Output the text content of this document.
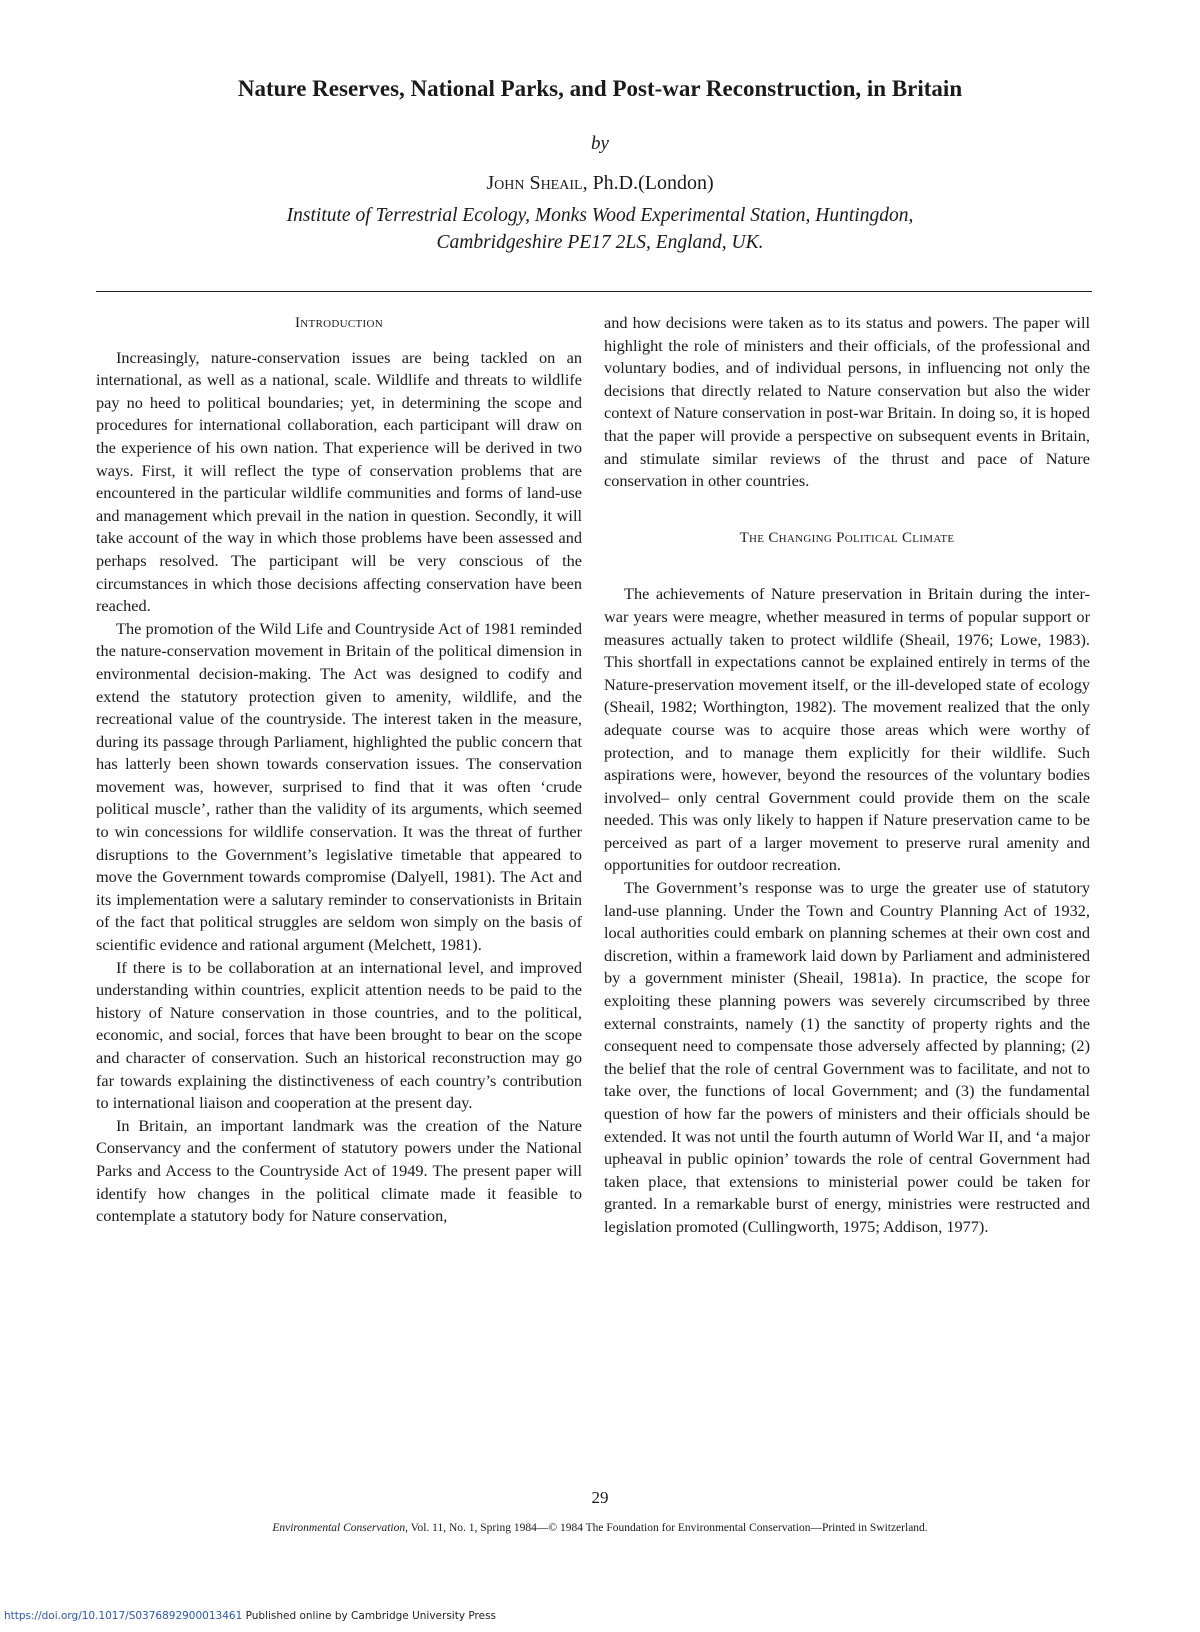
Nature Reserves, National Parks, and Post-war Reconstruction, in Britain
by
John Sheail, Ph.D.(London)
Institute of Terrestrial Ecology, Monks Wood Experimental Station, Huntingdon,
Cambridgeshire PE17 2LS, England, UK.
Introduction

Increasingly, nature-conservation issues are being tackled on an international, as well as a national, scale. Wildlife and threats to wildlife pay no heed to political boundaries; yet, in determining the scope and procedures for international collaboration, each participant will draw on the experience of his own nation. That experience will be derived in two ways. First, it will reflect the type of conservation problems that are encountered in the particular wildlife communities and forms of land-use and management which prevail in the nation in question. Secondly, it will take account of the way in which those problems have been assessed and perhaps resolved. The participant will be very conscious of the circumstances in which those decisions affecting conservation have been reached.

The promotion of the Wild Life and Countryside Act of 1981 reminded the nature-conservation movement in Britain of the political dimension in environmental decision-making. The Act was designed to codify and extend the statutory protection given to amenity, wildlife, and the recreational value of the countryside. The interest taken in the measure, during its passage through Parliament, highlighted the public concern that has latterly been shown towards conservation issues. The conservation movement was, however, surprised to find that it was often ‘crude political muscle’, rather than the validity of its arguments, which seemed to win concessions for wildlife conservation. It was the threat of further disruptions to the Government’s legislative timetable that appeared to move the Government towards compromise (Dalyell, 1981). The Act and its implementation were a salutary reminder to conservationists in Britain of the fact that political struggles are seldom won simply on the basis of scientific evidence and rational argument (Melchett, 1981).

If there is to be collaboration at an international level, and improved understanding within countries, explicit attention needs to be paid to the history of Nature conservation in those countries, and to the political, economic, and social, forces that have been brought to bear on the scope and character of conservation. Such an historical reconstruction may go far towards explaining the distinctiveness of each country’s contribution to international liaison and cooperation at the present day.

In Britain, an important landmark was the creation of the Nature Conservancy and the conferment of statutory powers under the National Parks and Access to the Countryside Act of 1949. The present paper will identify how changes in the political climate made it feasible to contemplate a statutory body for Nature conservation,

and how decisions were taken as to its status and powers. The paper will highlight the role of ministers and their officials, of the professional and voluntary bodies, and of individual persons, in influencing not only the decisions that directly related to Nature conservation but also the wider context of Nature conservation in post-war Britain. In doing so, it is hoped that the paper will provide a perspective on subsequent events in Britain, and stimulate similar reviews of the thrust and pace of Nature conservation in other countries.

The Changing Political Climate

The achievements of Nature preservation in Britain during the inter-war years were meagre, whether measured in terms of popular support or measures actually taken to protect wildlife (Sheail, 1976; Lowe, 1983). This shortfall in expectations cannot be explained entirely in terms of the Nature-preservation movement itself, or the ill-developed state of ecology (Sheail, 1982; Worthington, 1982). The movement realized that the only adequate course was to acquire those areas which were worthy of protection, and to manage them explicitly for their wildlife. Such aspirations were, however, beyond the resources of the voluntary bodies involved– only central Government could provide them on the scale needed. This was only likely to happen if Nature preservation came to be perceived as part of a larger movement to preserve rural amenity and opportunities for outdoor recreation.

The Government’s response was to urge the greater use of statutory land-use planning. Under the Town and Country Planning Act of 1932, local authorities could embark on planning schemes at their own cost and discretion, within a framework laid down by Parliament and administered by a government minister (Sheail, 1981a). In practice, the scope for exploiting these planning powers was severely circumscribed by three external constraints, namely (1) the sanctity of property rights and the consequent need to compensate those adversely affected by planning; (2) the belief that the role of central Government was to facilitate, and not to take over, the functions of local Government; and (3) the fundamental question of how far the powers of ministers and their officials should be extended. It was not until the fourth autumn of World War II, and ‘a major upheaval in public opinion’ towards the role of central Government had taken place, that extensions to ministerial power could be taken for granted. In a remarkable burst of energy, ministries were restructed and legislation promoted (Cullingworth, 1975; Addison, 1977).

29
Environmental Conservation, Vol. 11, No. 1, Spring 1984—© 1984 The Foundation for Environmental Conservation—Printed in Switzerland.
https://doi.org/10.1017/S0376892900013461 Published online by Cambridge University Press
